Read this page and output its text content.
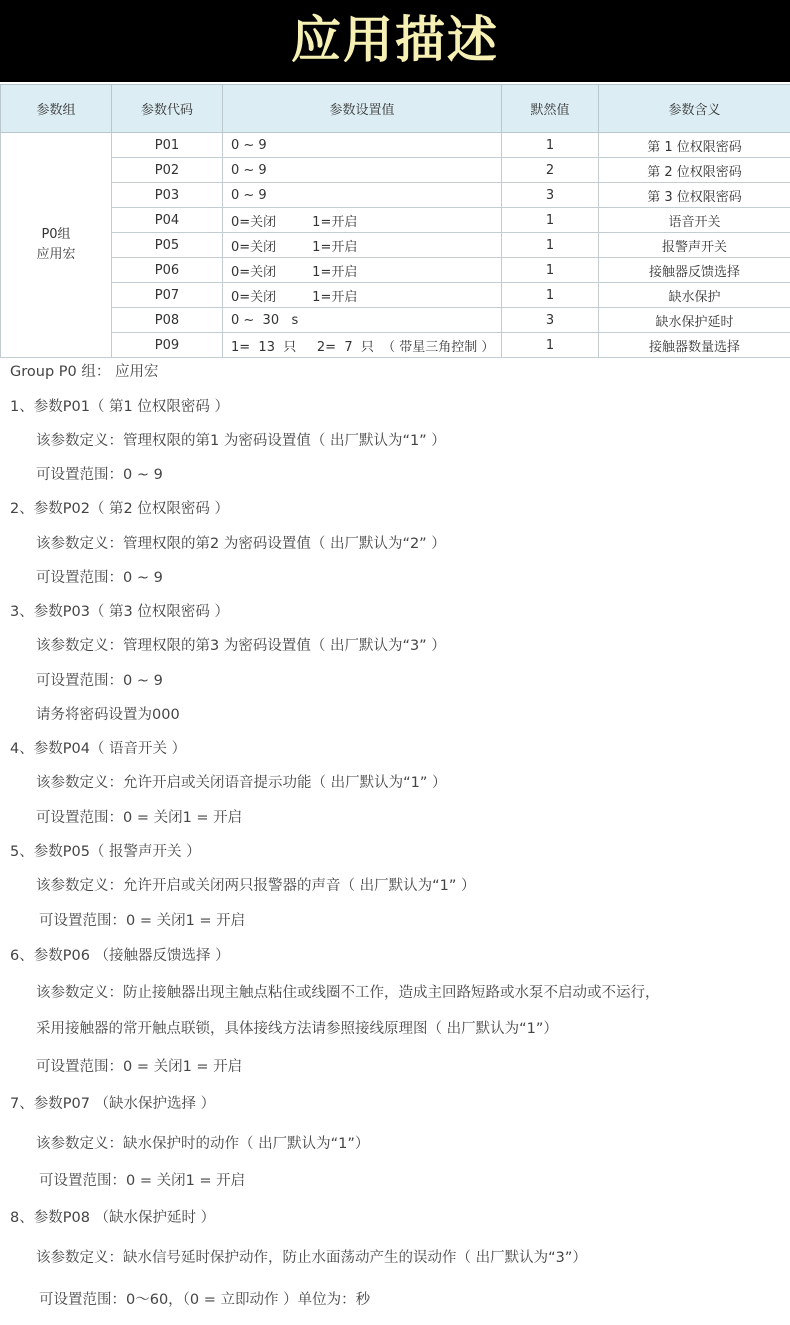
应用描述
参数组	参数代码	参数设置值	默然值	参数含义

P0组
应用宏	P01	0 ~ 9	1	第 1 位权限密码
	P02	0 ~ 9	2	第 2 位权限密码
	P03	0 ~ 9	3	第 3 位权限密码
	P04	0=关闭 1=开启	1	语音开关
	P05	0=关闭 1=开启	1	报警声开关
	P06	0=关闭 1=开启	1	接触器反馈选择
	P07	0=关闭 1=开启	1	缺水保护
	P08	0 ~  30   s	3	缺水保护延时
	P09	1=  13  只     2=  7  只  （ 带星三角控制 ）	1	接触器数量选择
Group P0 组： 应用宏
1、参数P01（ 第1 位权限密码 ）
该参数定义：管理权限的第1 为密码设置值（ 出厂默认为“1” ）
可设置范围：0 ~ 9
2、参数P02（ 第2 位权限密码 ）
该参数定义：管理权限的第2 为密码设置值（ 出厂默认为“2” ）
可设置范围：0 ~ 9
3、参数P03（ 第3 位权限密码 ）
该参数定义：管理权限的第3 为密码设置值（ 出厂默认为“3” ）
可设置范围：0 ~ 9
请务将密码设置为000
4、参数P04（ 语音开关 ）
该参数定义：允许开启或关闭语音提示功能（ 出厂默认为“1” ）
可设置范围：0 = 关闭1 = 开启
5、参数P05（ 报警声开关 ）
该参数定义：允许开启或关闭两只报警器的声音（ 出厂默认为“1” ）
可设置范围：0 = 关闭1 = 开启
6、参数P06 （接触器反馈选择 ）
该参数定义：防止接触器出现主触点粘住或线圈不工作，造成主回路短路或水泵不启动或不运行，
采用接触器的常开触点联锁，具体接线方法请参照接线原理图（ 出厂默认为“1”）
可设置范围：0 = 关闭1 = 开启
7、参数P07 （缺水保护选择 ）
该参数定义：缺水保护时的动作（ 出厂默认为“1”）
可设置范围：0 = 关闭1 = 开启
8、参数P08 （缺水保护延时 ）
该参数定义：缺水信号延时保护动作，防止水面荡动产生的误动作（ 出厂默认为“3”）
可设置范围：0〜60，（0 = 立即动作 ）单位为：秒
